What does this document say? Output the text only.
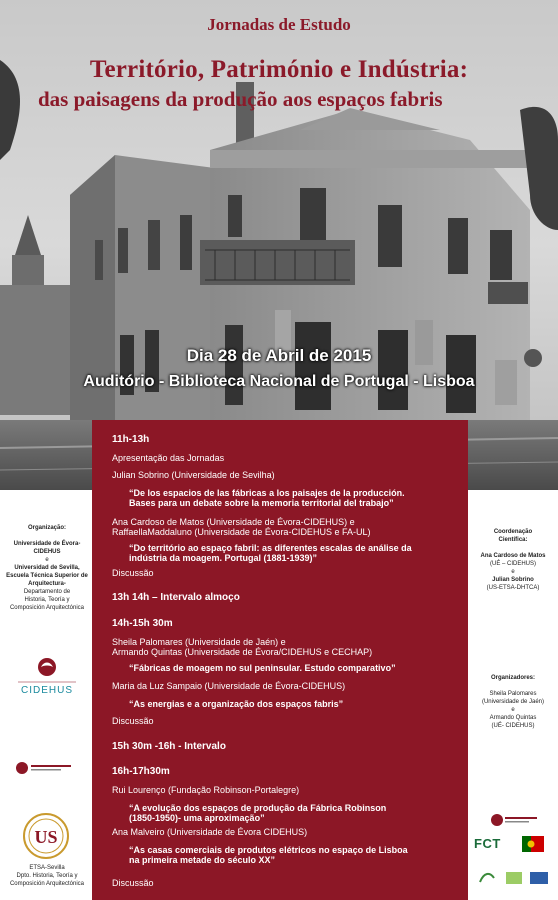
Jornadas de Estudo
Território, Património e Indústria:
das paisagens da produção aos espaços fabris
Dia 28 de Abril de 2015
Auditório - Biblioteca Nacional de Portugal - Lisboa
11h-13h
Apresentação das Jornadas
Julian Sobrino (Universidade de Sevilha)
“De los espacios de las fábricas a los paisajes de la producción.
Bases para un debate sobre la memoria territorial del trabajo”
Ana Cardoso de Matos (Universidade de Évora-CIDEHUS) e
RaffaellaMaddaluno (Universidade de Évora-CIDEHUS e FA-UL)
“Do território ao espaço fabril: as diferentes escalas de análise da
indústria da moagem. Portugal (1881-1939)”
Discussão
13h 14h – Intervalo almoço
14h-15h 30m
Sheila Palomares (Universidade de Jaén) e
Armando Quintas (Universidade de Évora/CIDEHUS e CECHAP)
“Fábricas de moagem no sul peninsular. Estudo comparativo”
Maria da Luz Sampaio (Universidade de Évora-CIDEHUS)
“As energias e a organização dos espaços fabris”
Discussão
15h 30m -16h - Intervalo
16h-17h30m
Rui Lourenço (Fundação Robinson-Portalegre)
“A evolução dos espaços de produção da Fábrica Robinson
(1850-1950)- uma aproximação”
Ana Malveiro (Universidade de Évora CIDEHUS)
“As casas comerciais de produtos elétricos no espaço de Lisboa
na primeira metade do século XX”
Discussão
Organização:
Universidade de Évora-
CIDEHUS
e
Universidad de Sevilla,
Escuela Técnica Superior de
Arquitectura-
Departamento de
Historia, Teoría y
Composición Arquitectónica
CIDEHUS
US
ETSA-Sevilla
Dpto. Historia, Teoría y
Composición Arquitectónica
Coordenação
Científica:
Ana Cardoso de Matos
(UÉ – CIDEHUS)
e
Julian Sobrino
(US-ETSA-DHTCA)
Organizadores:
Sheila Palomares
(Universidade de Jaén)
e
Armando Quintas
(UÉ- CIDEHUS)
FCT
